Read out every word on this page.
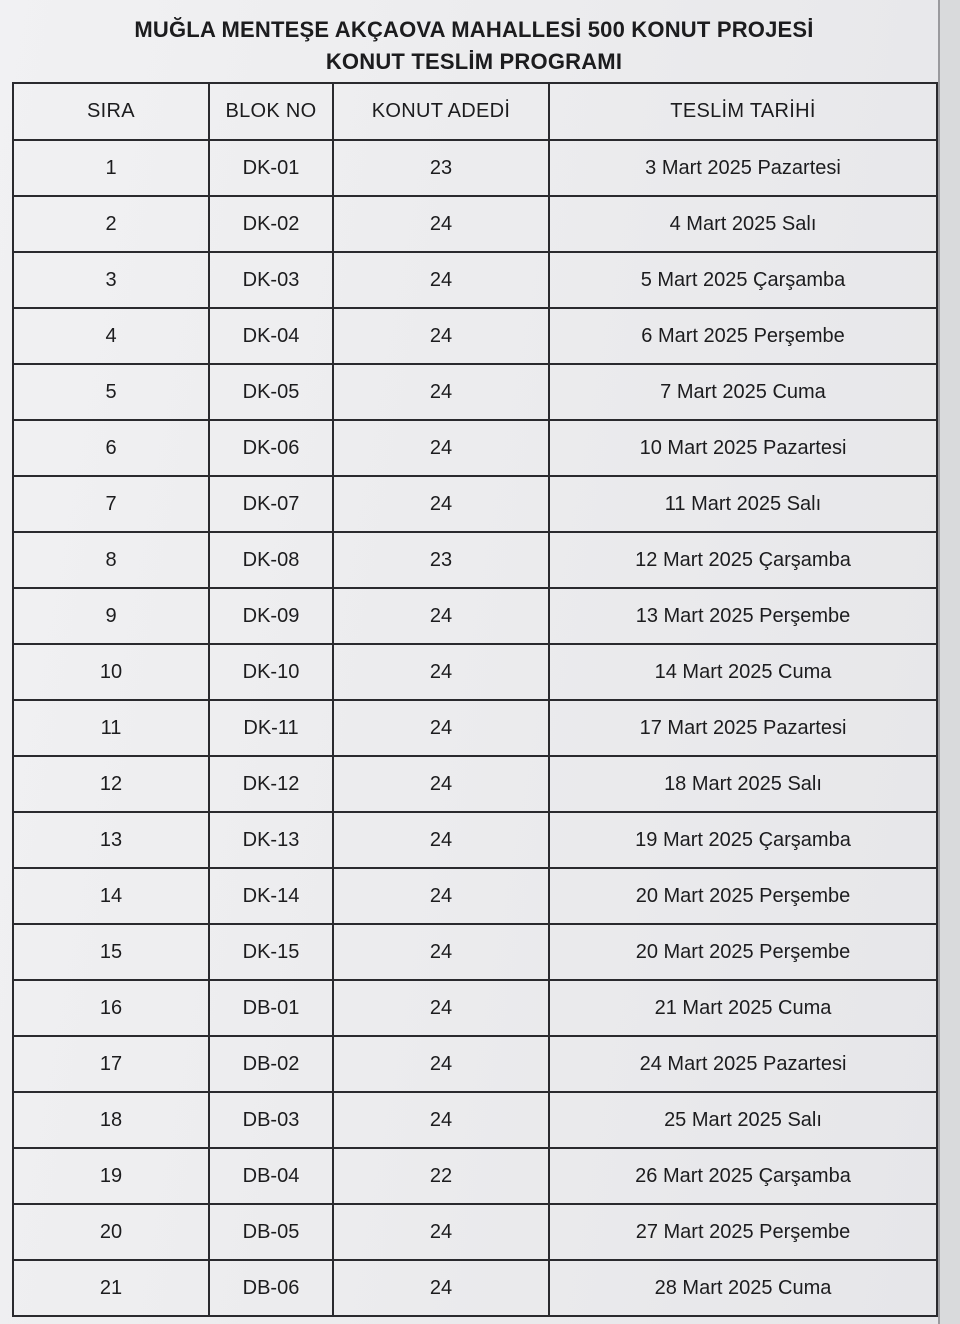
MUĞLA MENTEŞE AKÇAOVA MAHALLESİ 500 KONUT PROJESİ
KONUT TESLİM PROGRAMI
SIRA	BLOK NO	KONUT ADEDİ	TESLİM TARİHİ
1	DK-01	23	3 Mart 2025 Pazartesi
2	DK-02	24	4 Mart 2025 Salı
3	DK-03	24	5 Mart 2025 Çarşamba
4	DK-04	24	6 Mart 2025 Perşembe
5	DK-05	24	7 Mart 2025 Cuma
6	DK-06	24	10 Mart 2025 Pazartesi
7	DK-07	24	11 Mart 2025 Salı
8	DK-08	23	12 Mart 2025 Çarşamba
9	DK-09	24	13 Mart 2025 Perşembe
10	DK-10	24	14 Mart 2025 Cuma
11	DK-11	24	17 Mart 2025 Pazartesi
12	DK-12	24	18 Mart 2025 Salı
13	DK-13	24	19 Mart 2025 Çarşamba
14	DK-14	24	20 Mart 2025 Perşembe
15	DK-15	24	20 Mart 2025 Perşembe
16	DB-01	24	21 Mart 2025 Cuma
17	DB-02	24	24 Mart 2025 Pazartesi
18	DB-03	24	25 Mart 2025 Salı
19	DB-04	22	26 Mart 2025 Çarşamba
20	DB-05	24	27 Mart 2025 Perşembe
21	DB-06	24	28 Mart 2025 Cuma
